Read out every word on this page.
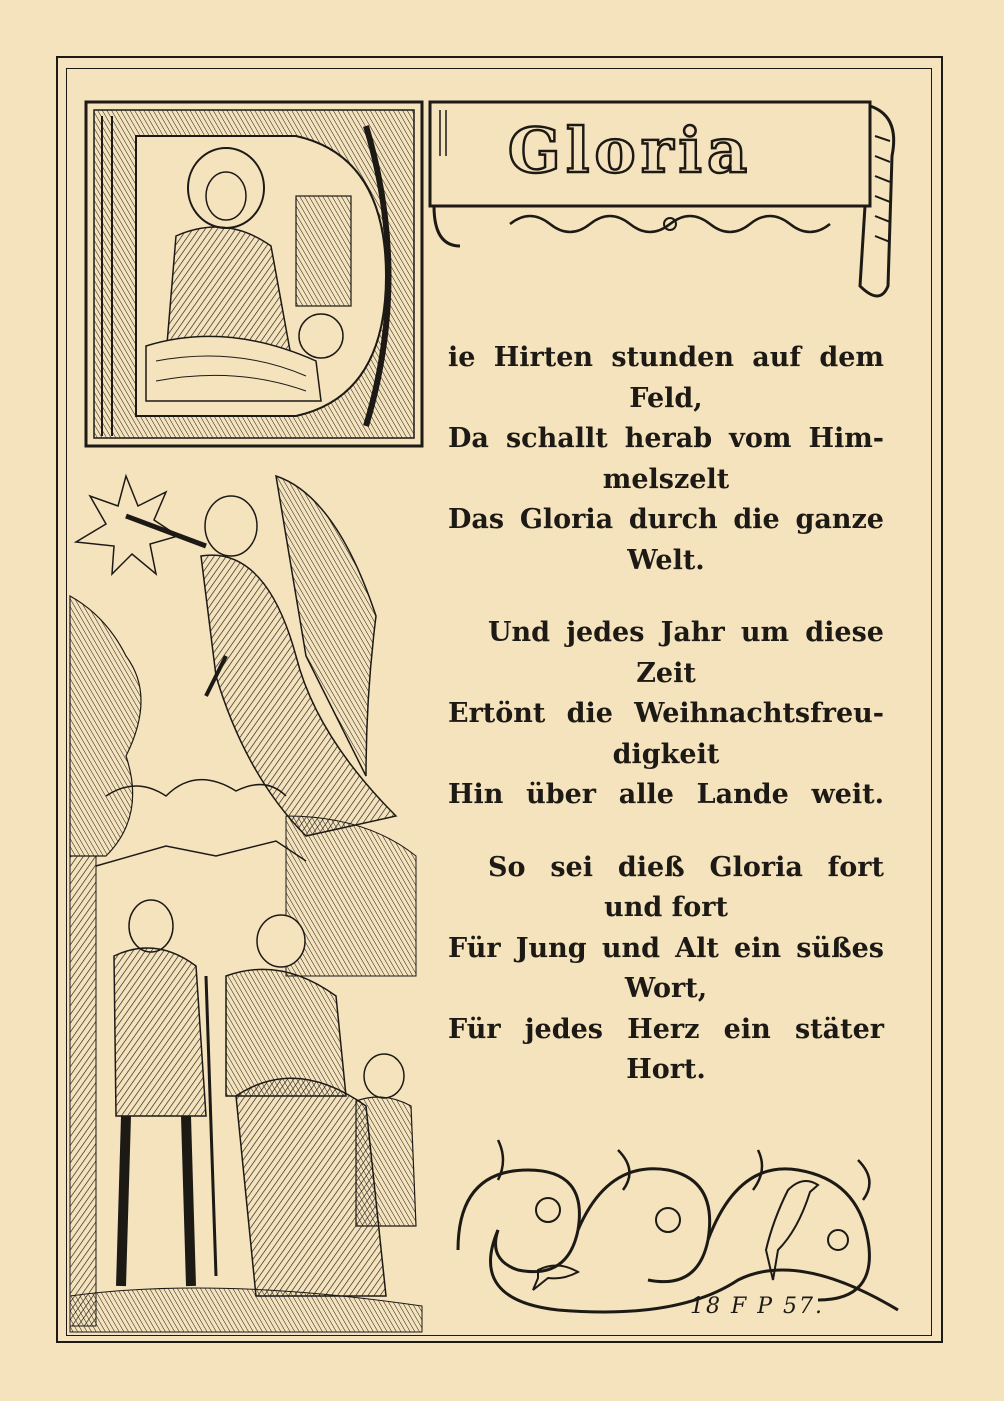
Gloria
ie Hirten stunden auf dem
Feld,
Da schallt herab vom Him-
melszelt
Das Gloria durch die ganze
Welt.
Und jedes Jahr um diese
Zeit
Ertönt die Weihnachtsfreu-
digkeit
Hin über alle Lande weit.
So sei dieß Gloria fort
und fort
Für Jung und Alt ein süßes
Wort,
Für jedes Herz ein stäter
Hort.
18 F P 57.
